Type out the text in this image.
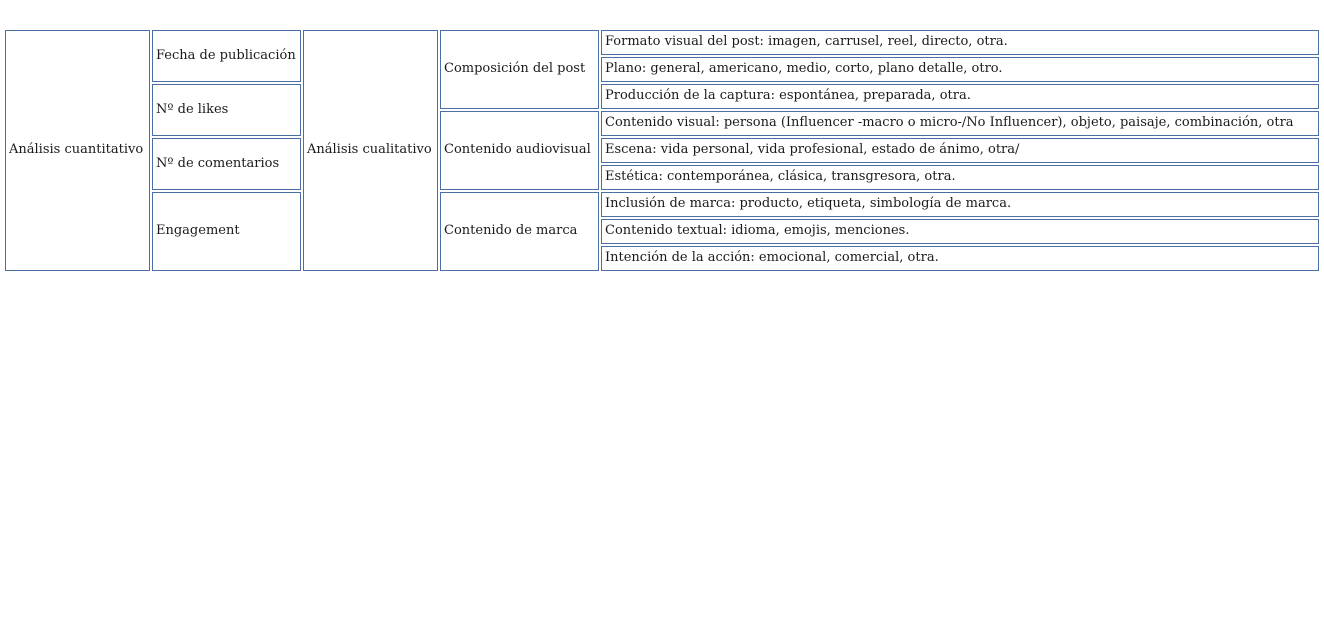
Análisis cuantitativo
Fecha de publicación
Nº de likes
Nº de comentarios
Engagement
Análisis cualitativo
Composición del post
Contenido audiovisual
Contenido de marca
Formato visual del post: imagen, carrusel, reel, directo, otra.
Plano: general, americano, medio, corto, plano detalle, otro.
Producción de la captura: espontánea, preparada, otra.
Contenido visual: persona (Influencer -macro o micro-/No Influencer), objeto, paisaje, combinación, otra
Escena: vida personal, vida profesional, estado de ánimo, otra/
Estética: contemporánea, clásica, transgresora, otra.
Inclusión de marca: producto, etiqueta, simbología de marca.
Contenido textual: idioma, emojis, menciones.
Intención de la acción: emocional, comercial, otra.
